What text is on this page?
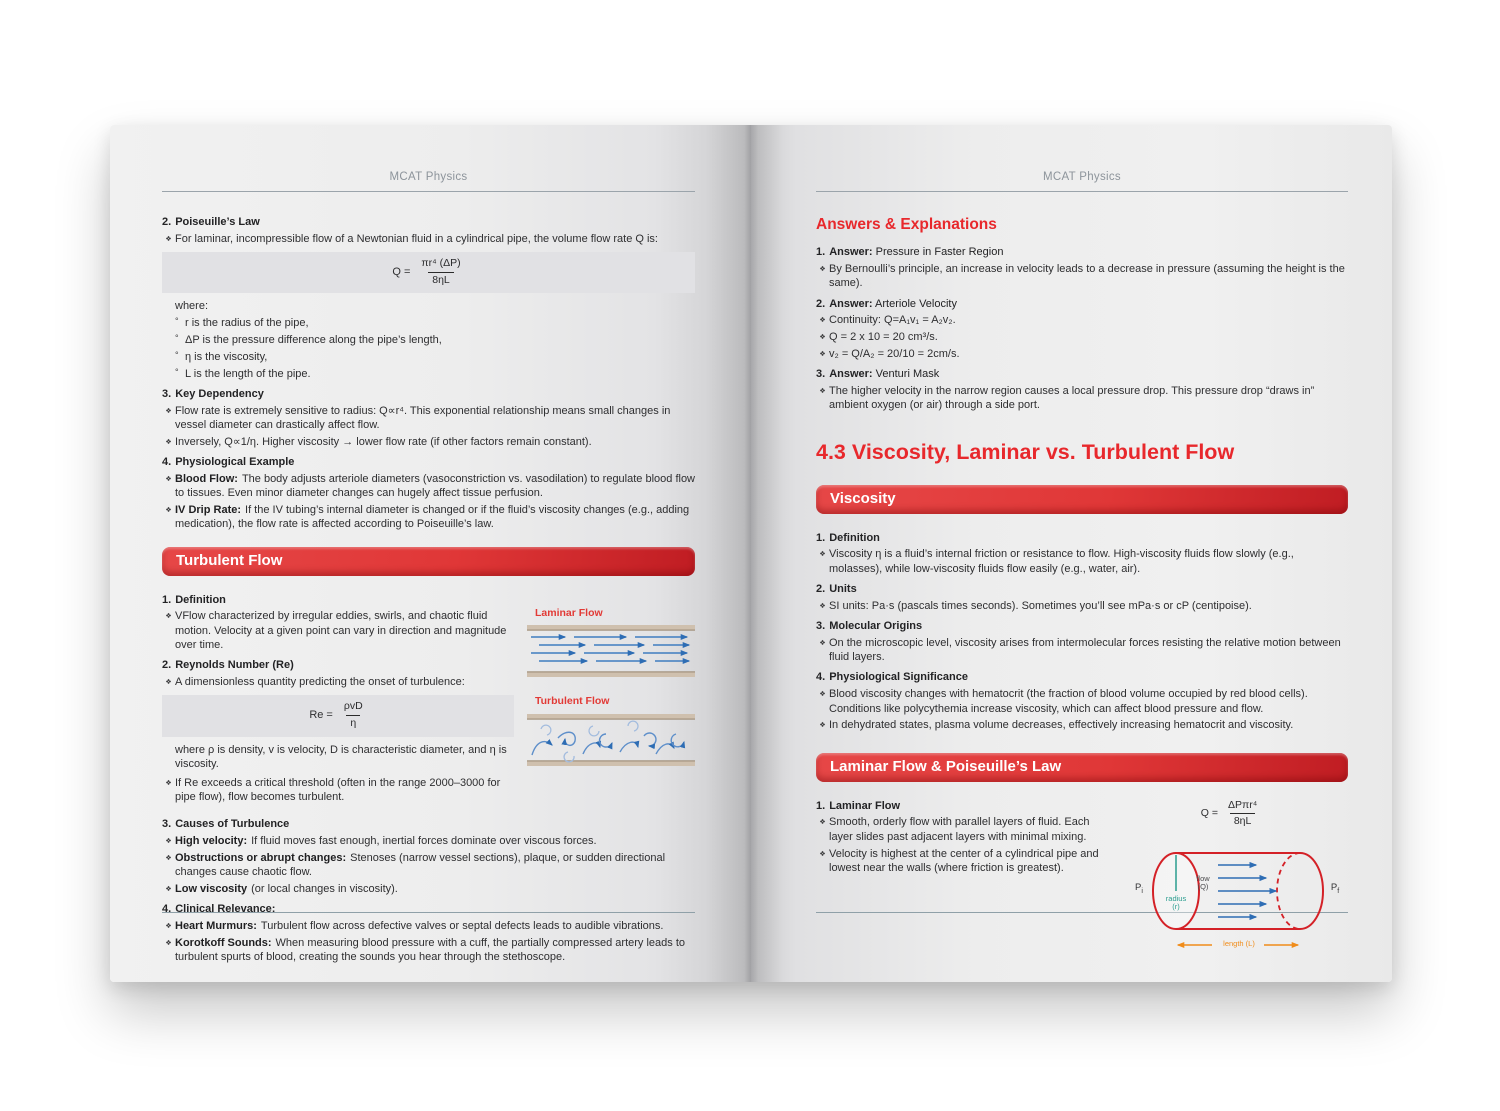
MCAT Physics
2. Poiseuille’s Law
❖ For laminar, incompressible flow of a Newtonian fluid in a cylindrical pipe, the volume flow rate Q is:
$Q = \frac{\text{πr⁴ (ΔP)}}{8\eta L}$
where:
° r is the radius of the pipe,
° ΔP is the pressure difference along the pipe’s length,
° η is the viscosity,
° L is the length of the pipe.
3. Key Dependency
❖ Flow rate is extremely sensitive to radius: Q∝r⁴. This exponential relationship means small changes in vessel diameter can drastically affect flow.
❖ Inversely, Q∝1/η. Higher viscosity → lower flow rate (if other factors remain constant).
4. Physiological Example
❖ Blood Flow: The body adjusts arteriole diameters (vasoconstriction vs. vasodilation) to regulate blood flow to tissues. Even minor diameter changes can hugely affect tissue perfusion.
❖ IV Drip Rate: If the IV tubing’s internal diameter is changed or if the fluid’s viscosity changes (e.g., adding medication), the flow rate is affected according to Poiseuille’s law.
Turbulent Flow
1. Definition
❖ VFlow characterized by irregular eddies, swirls, and chaotic fluid motion. Velocity at a given point can vary in direction and magnitude over time.
2. Reynolds Number (Re)
❖ A dimensionless quantity predicting the onset of turbulence:
$Re = \frac{\text{ρvD}}{\eta}$
where ρ is density, v is velocity, D is characteristic diameter, and η is viscosity.
❖ If Re exceeds a critical threshold (often in the range 2000–3000 for pipe flow), flow becomes turbulent.
Laminar Flow
Turbulent Flow
3. Causes of Turbulence
❖ High velocity: If fluid moves fast enough, inertial forces dominate over viscous forces.
❖ Obstructions or abrupt changes: Stenoses (narrow vessel sections), plaque, or sudden directional changes cause chaotic flow.
❖ Low viscosity (or local changes in viscosity).
4. Clinical Relevance:
❖ Heart Murmurs: Turbulent flow across defective valves or septal defects leads to audible vibrations.
❖ Korotkoff Sounds: When measuring blood pressure with a cuff, the partially compressed artery leads to turbulent spurts of blood, creating the sounds you hear through the stethoscope.
MCAT Physics
Answers & Explanations
1. Answer: Pressure in Faster Region
❖ By Bernoulli’s principle, an increase in velocity leads to a decrease in pressure (assuming the height is the same).
2. Answer: Arteriole Velocity
❖ Continuity: Q=A₁v₁ = A₂v₂.
❖ Q = 2 x 10 = 20 cm³/s.
❖ v₂ = Q/A₂ = 20/10 = 2cm/s.
3. Answer: Venturi Mask
❖ The higher velocity in the narrow region causes a local pressure drop. This pressure drop “draws in” ambient oxygen (or air) through a side port.
4.3 Viscosity, Laminar vs. Turbulent Flow
Viscosity
1. Definition
❖ Viscosity η is a fluid’s internal friction or resistance to flow. High-viscosity fluids flow slowly (e.g., molasses), while low-viscosity fluids flow easily (e.g., water, air).
2. Units
❖ SI units: Pa·s (pascals times seconds). Sometimes you’ll see mPa·s or cP (centipoise).
3. Molecular Origins
❖ On the microscopic level, viscosity arises from intermolecular forces resisting the relative motion between fluid layers.
4. Physiological Significance
❖ Blood viscosity changes with hematocrit (the fraction of blood volume occupied by red blood cells). Conditions like polycythemia increase viscosity, which can affect blood pressure and flow.
❖ In dehydrated states, plasma volume decreases, effectively increasing hematocrit and viscosity.
Laminar Flow & Poiseuille’s Law
1. Laminar Flow
❖ Smooth, orderly flow with parallel layers of fluid. Each layer slides past adjacent layers with minimal mixing.
❖ Velocity is highest at the center of a cylindrical pipe and lowest near the walls (where friction is greatest).
$Q = \frac{\text{ΔPπr⁴}}{8\eta L}$
$P_i$	$P_f$
radius
(r)
flow
(Q)
length (L)
